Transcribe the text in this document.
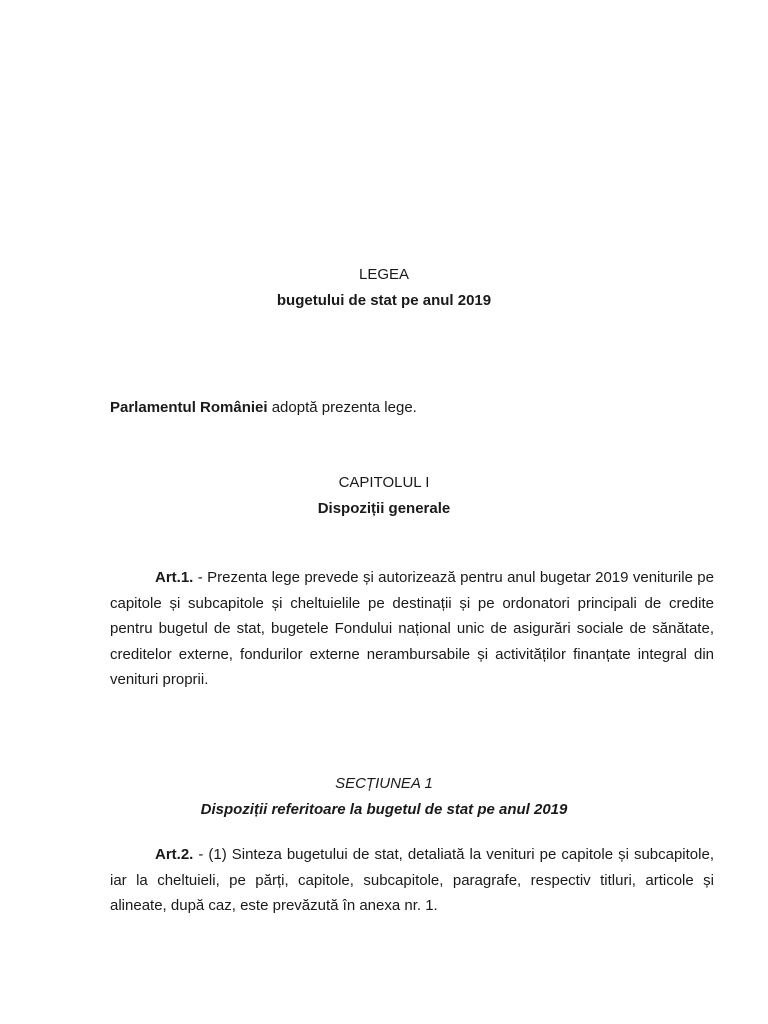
LEGEA
bugetului de stat pe anul 2019
Parlamentul României adoptă prezenta lege.
CAPITOLUL I
Dispoziții generale

Art.1. - Prezenta lege prevede și autorizează pentru anul bugetar 2019 veniturile pe capitole și subcapitole și cheltuielile pe destinații și pe ordonatori principali de credite pentru bugetul de stat, bugetele Fondului național unic de asigurări sociale de sănătate, creditelor externe, fondurilor externe nerambursabile și activităților finanțate integral din venituri proprii.

SECȚIUNEA 1
Dispoziții referitoare la bugetul de stat pe anul 2019

Art.2. - (1) Sinteza bugetului de stat, detaliată la venituri pe capitole și subcapitole, iar la cheltuieli, pe părți, capitole, subcapitole, paragrafe, respectiv titluri, articole și alineate, după caz, este prevăzută în anexa nr. 1.
